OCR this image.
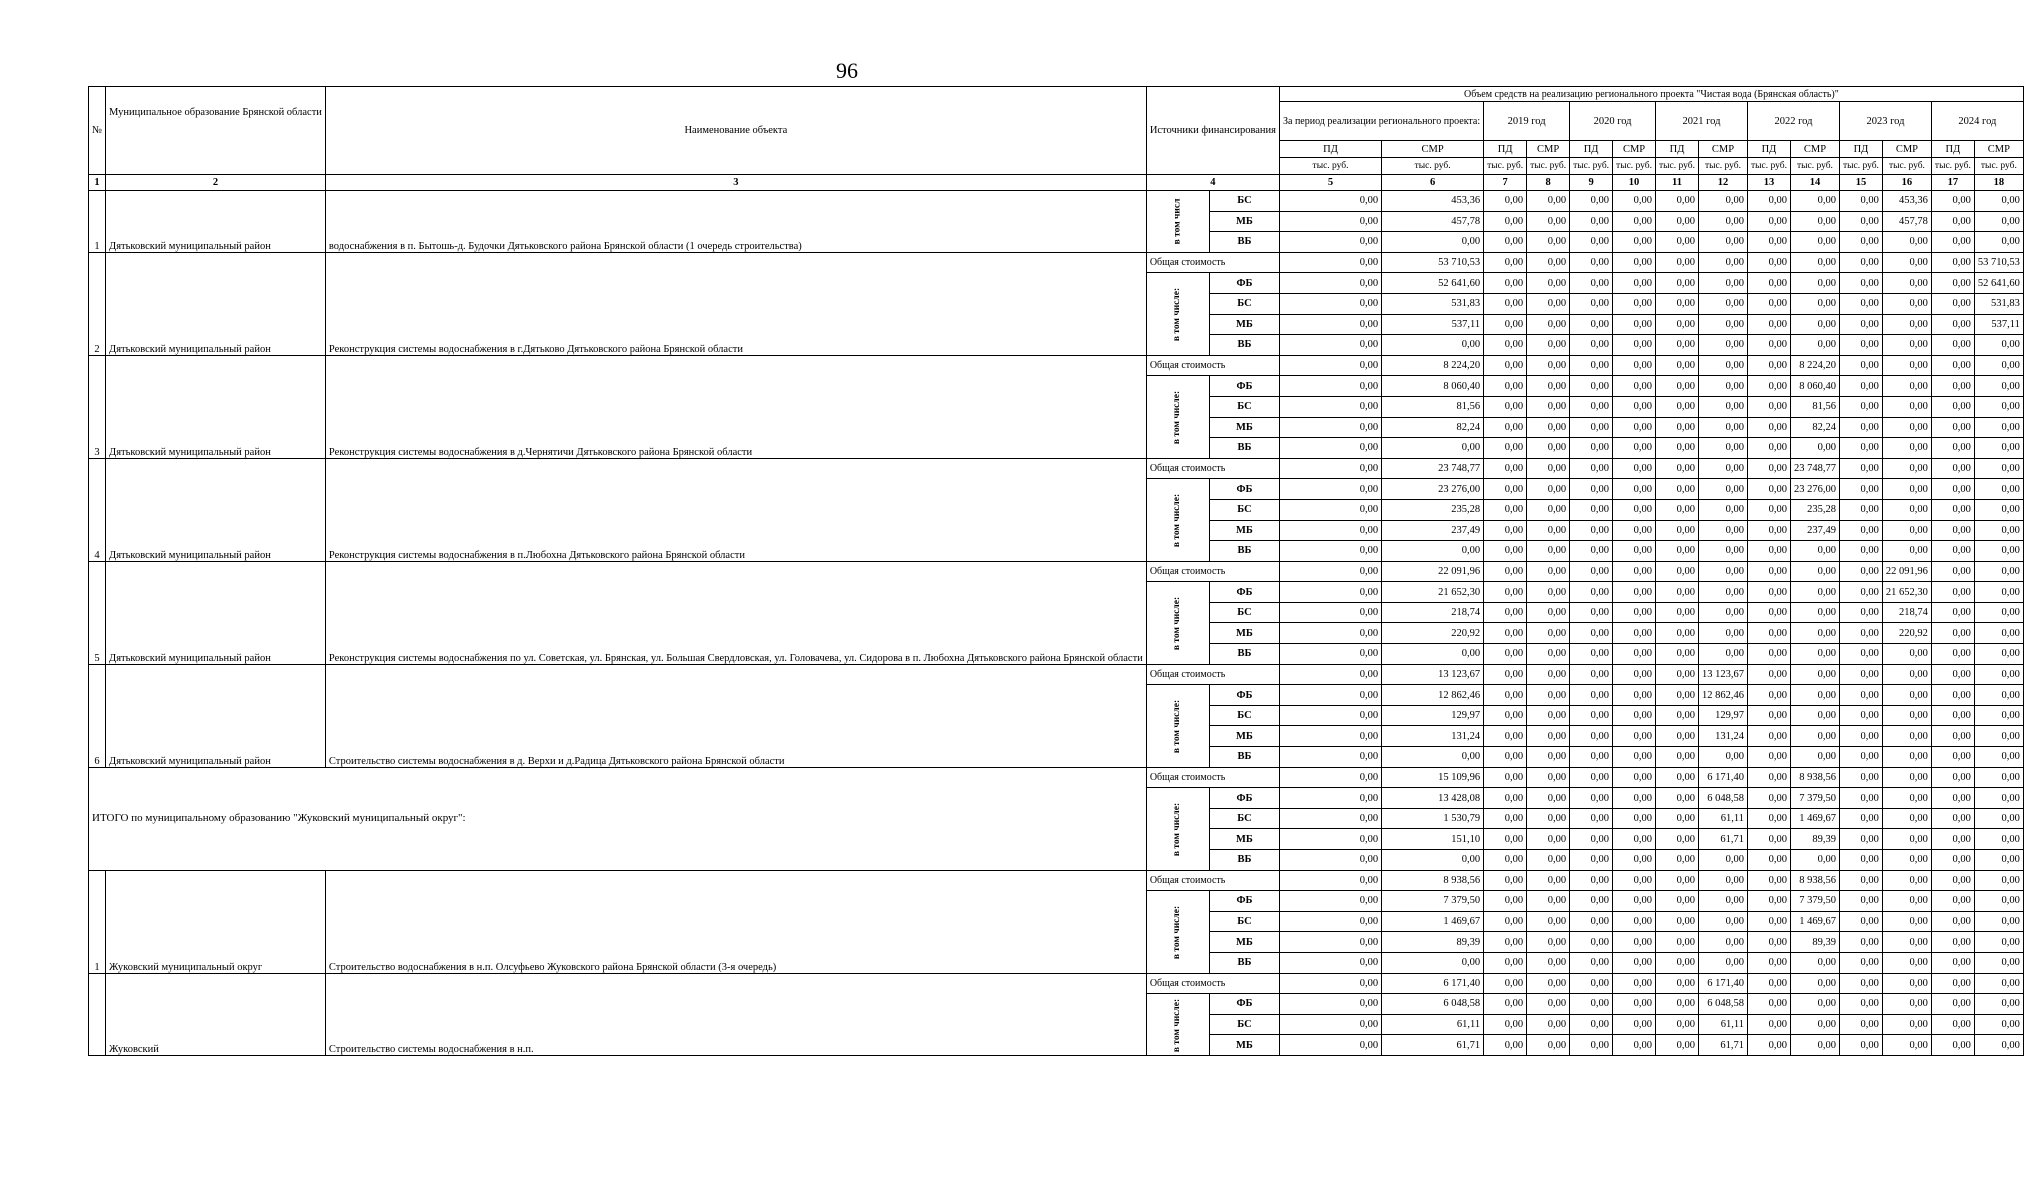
96
№	Муниципальное образование Брянской области	Наименование объекта	Источники финансирования		Объем средств на реализацию регионального проекта "Чистая вода (Брянская область)"													
					За период реализации регионального проекта:		2019 год		2020 год		2021 год		2022 год		2023 год		2024 год	
					ПД	СМР	ПД	СМР	ПД	СМР	ПД	СМР	ПД	СМР	ПД	СМР	ПД	СМР
					тыс. руб.	тыс. руб.	тыс. руб.	тыс. руб.	тыс. руб.	тыс. руб.	тыс. руб.	тыс. руб.	тыс. руб.	тыс. руб.	тыс. руб.	тыс. руб.	тыс. руб.	тыс. руб.
1	2	3	4		5	6	7	8	9	10	11	12	13	14	15	16	17	18
1	Дятьковский муниципальный район	водоснабжения в п. Бытошь-д. Будочки Дятьковского района Брянской области (1 очередь строительства)	в том числ	БС	0,00	453,36	0,00	0,00	0,00	0,00	0,00	0,00	0,00	0,00	0,00	453,36	0,00	0,00
				МБ	0,00	457,78	0,00	0,00	0,00	0,00	0,00	0,00	0,00	0,00	0,00	457,78	0,00	0,00
				ВБ	0,00	0,00	0,00	0,00	0,00	0,00	0,00	0,00	0,00	0,00	0,00	0,00	0,00	0,00
2	Дятьковский муниципальный район	Реконструкция системы водоснабжения в г.Дятьково Дятьковского района Брянской области	Общая стоимость		0,00	53 710,53	0,00	0,00	0,00	0,00	0,00	0,00	0,00	0,00	0,00	0,00	0,00	53 710,53
			в том числе:	ФБ	0,00	52 641,60	0,00	0,00	0,00	0,00	0,00	0,00	0,00	0,00	0,00	0,00	0,00	52 641,60
				БС	0,00	531,83	0,00	0,00	0,00	0,00	0,00	0,00	0,00	0,00	0,00	0,00	0,00	531,83
				МБ	0,00	537,11	0,00	0,00	0,00	0,00	0,00	0,00	0,00	0,00	0,00	0,00	0,00	537,11
				ВБ	0,00	0,00	0,00	0,00	0,00	0,00	0,00	0,00	0,00	0,00	0,00	0,00	0,00	0,00
3	Дятьковский муниципальный район	Реконструкция системы водоснабжения в д.Чернятичи Дятьковского района Брянской области	Общая стоимость		0,00	8 224,20	0,00	0,00	0,00	0,00	0,00	0,00	0,00	8 224,20	0,00	0,00	0,00	0,00
			в том числе:	ФБ	0,00	8 060,40	0,00	0,00	0,00	0,00	0,00	0,00	0,00	8 060,40	0,00	0,00	0,00	0,00
				БС	0,00	81,56	0,00	0,00	0,00	0,00	0,00	0,00	0,00	81,56	0,00	0,00	0,00	0,00
				МБ	0,00	82,24	0,00	0,00	0,00	0,00	0,00	0,00	0,00	82,24	0,00	0,00	0,00	0,00
				ВБ	0,00	0,00	0,00	0,00	0,00	0,00	0,00	0,00	0,00	0,00	0,00	0,00	0,00	0,00
4	Дятьковский муниципальный район	Реконструкция системы водоснабжения в п.Любохна Дятьковского района Брянской области	Общая стоимость		0,00	23 748,77	0,00	0,00	0,00	0,00	0,00	0,00	0,00	23 748,77	0,00	0,00	0,00	0,00
			в том числе:	ФБ	0,00	23 276,00	0,00	0,00	0,00	0,00	0,00	0,00	0,00	23 276,00	0,00	0,00	0,00	0,00
				БС	0,00	235,28	0,00	0,00	0,00	0,00	0,00	0,00	0,00	235,28	0,00	0,00	0,00	0,00
				МБ	0,00	237,49	0,00	0,00	0,00	0,00	0,00	0,00	0,00	237,49	0,00	0,00	0,00	0,00
				ВБ	0,00	0,00	0,00	0,00	0,00	0,00	0,00	0,00	0,00	0,00	0,00	0,00	0,00	0,00
5	Дятьковский муниципальный район	Реконструкция системы водоснабжения по ул. Советская, ул. Брянская, ул. Большая Свердловская, ул. Головачева, ул. Сидорова в п. Любохна Дятьковского района Брянской области	Общая стоимость		0,00	22 091,96	0,00	0,00	0,00	0,00	0,00	0,00	0,00	0,00	0,00	22 091,96	0,00	0,00
			в том числе:	ФБ	0,00	21 652,30	0,00	0,00	0,00	0,00	0,00	0,00	0,00	0,00	0,00	21 652,30	0,00	0,00
				БС	0,00	218,74	0,00	0,00	0,00	0,00	0,00	0,00	0,00	0,00	0,00	218,74	0,00	0,00
				МБ	0,00	220,92	0,00	0,00	0,00	0,00	0,00	0,00	0,00	0,00	0,00	220,92	0,00	0,00
				ВБ	0,00	0,00	0,00	0,00	0,00	0,00	0,00	0,00	0,00	0,00	0,00	0,00	0,00	0,00
6	Дятьковский муниципальный район	Строительство системы водоснабжения в д. Верхи и д.Радица Дятьковского района Брянской области	Общая стоимость		0,00	13 123,67	0,00	0,00	0,00	0,00	0,00	13 123,67	0,00	0,00	0,00	0,00	0,00	0,00
			в том числе:	ФБ	0,00	12 862,46	0,00	0,00	0,00	0,00	0,00	12 862,46	0,00	0,00	0,00	0,00	0,00	0,00
				БС	0,00	129,97	0,00	0,00	0,00	0,00	0,00	129,97	0,00	0,00	0,00	0,00	0,00	0,00
				МБ	0,00	131,24	0,00	0,00	0,00	0,00	0,00	131,24	0,00	0,00	0,00	0,00	0,00	0,00
				ВБ	0,00	0,00	0,00	0,00	0,00	0,00	0,00	0,00	0,00	0,00	0,00	0,00	0,00	0,00
ИТОГО по муниципальному образованию "Жуковский муниципальный округ":			Общая стоимость		0,00	15 109,96	0,00	0,00	0,00	0,00	0,00	6 171,40	0,00	8 938,56	0,00	0,00	0,00	0,00
			в том числе:	ФБ	0,00	13 428,08	0,00	0,00	0,00	0,00	0,00	6 048,58	0,00	7 379,50	0,00	0,00	0,00	0,00
				БС	0,00	1 530,79	0,00	0,00	0,00	0,00	0,00	61,11	0,00	1 469,67	0,00	0,00	0,00	0,00
				МБ	0,00	151,10	0,00	0,00	0,00	0,00	0,00	61,71	0,00	89,39	0,00	0,00	0,00	0,00
				ВБ	0,00	0,00	0,00	0,00	0,00	0,00	0,00	0,00	0,00	0,00	0,00	0,00	0,00	0,00
1	Жуковский муниципальный округ	Строительство водоснабжения в н.п. Олсуфьево Жуковского района Брянской области (3-я очередь)	Общая стоимость		0,00	8 938,56	0,00	0,00	0,00	0,00	0,00	0,00	0,00	8 938,56	0,00	0,00	0,00	0,00
			в том числе:	ФБ	0,00	7 379,50	0,00	0,00	0,00	0,00	0,00	0,00	0,00	7 379,50	0,00	0,00	0,00	0,00
				БС	0,00	1 469,67	0,00	0,00	0,00	0,00	0,00	0,00	0,00	1 469,67	0,00	0,00	0,00	0,00
				МБ	0,00	89,39	0,00	0,00	0,00	0,00	0,00	0,00	0,00	89,39	0,00	0,00	0,00	0,00
				ВБ	0,00	0,00	0,00	0,00	0,00	0,00	0,00	0,00	0,00	0,00	0,00	0,00	0,00	0,00
	Жуковский	Строительство системы водоснабжения в н.п.	Общая стоимость		0,00	6 171,40	0,00	0,00	0,00	0,00	0,00	6 171,40	0,00	0,00	0,00	0,00	0,00	0,00
			в том числе:	ФБ	0,00	6 048,58	0,00	0,00	0,00	0,00	0,00	6 048,58	0,00	0,00	0,00	0,00	0,00	0,00
				БС	0,00	61,11	0,00	0,00	0,00	0,00	0,00	61,11	0,00	0,00	0,00	0,00	0,00	0,00
				МБ	0,00	61,71	0,00	0,00	0,00	0,00	0,00	61,71	0,00	0,00	0,00	0,00	0,00	0,00
